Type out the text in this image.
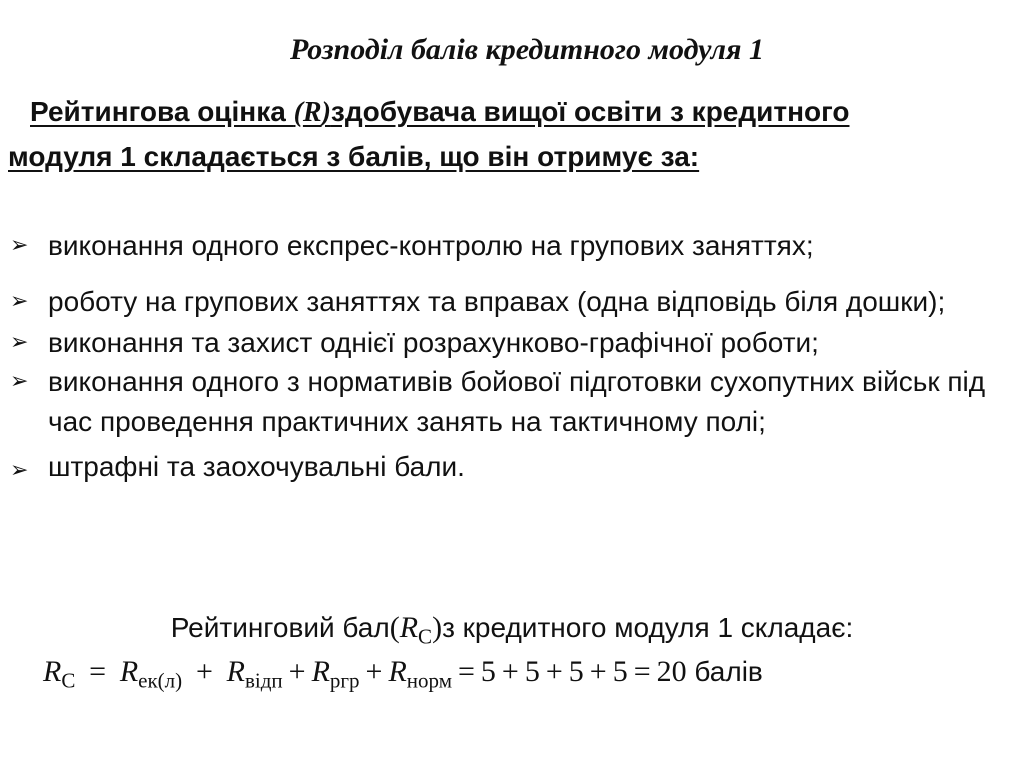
Розподіл балів кредитного модуля 1
Рейтингова оцінка (R)здобувача вищої освіти з кредитного
модуля 1 складається з балів, що він отримує за:
➢ виконання одного експрес-контролю на групових заняттях;
➢ роботу на групових заняттях та вправах (одна відповідь біля дошки);
➢ виконання та захист однієї розрахунково-графічної роботи;
➢ виконання одного з нормативів бойової підготовки сухопутних військ під    час проведення практичних занять на тактичному полі;
➢ штрафні та заохочувальні бали.
Рейтинговий $бал(R_С)з$ кредитного модуля 1 складає:
$R_С = R_{ек(л)} + R_{відп} + R_{ргр} + R_{норм} = 5 + 5 + 5 + 5 = 20$ балів
